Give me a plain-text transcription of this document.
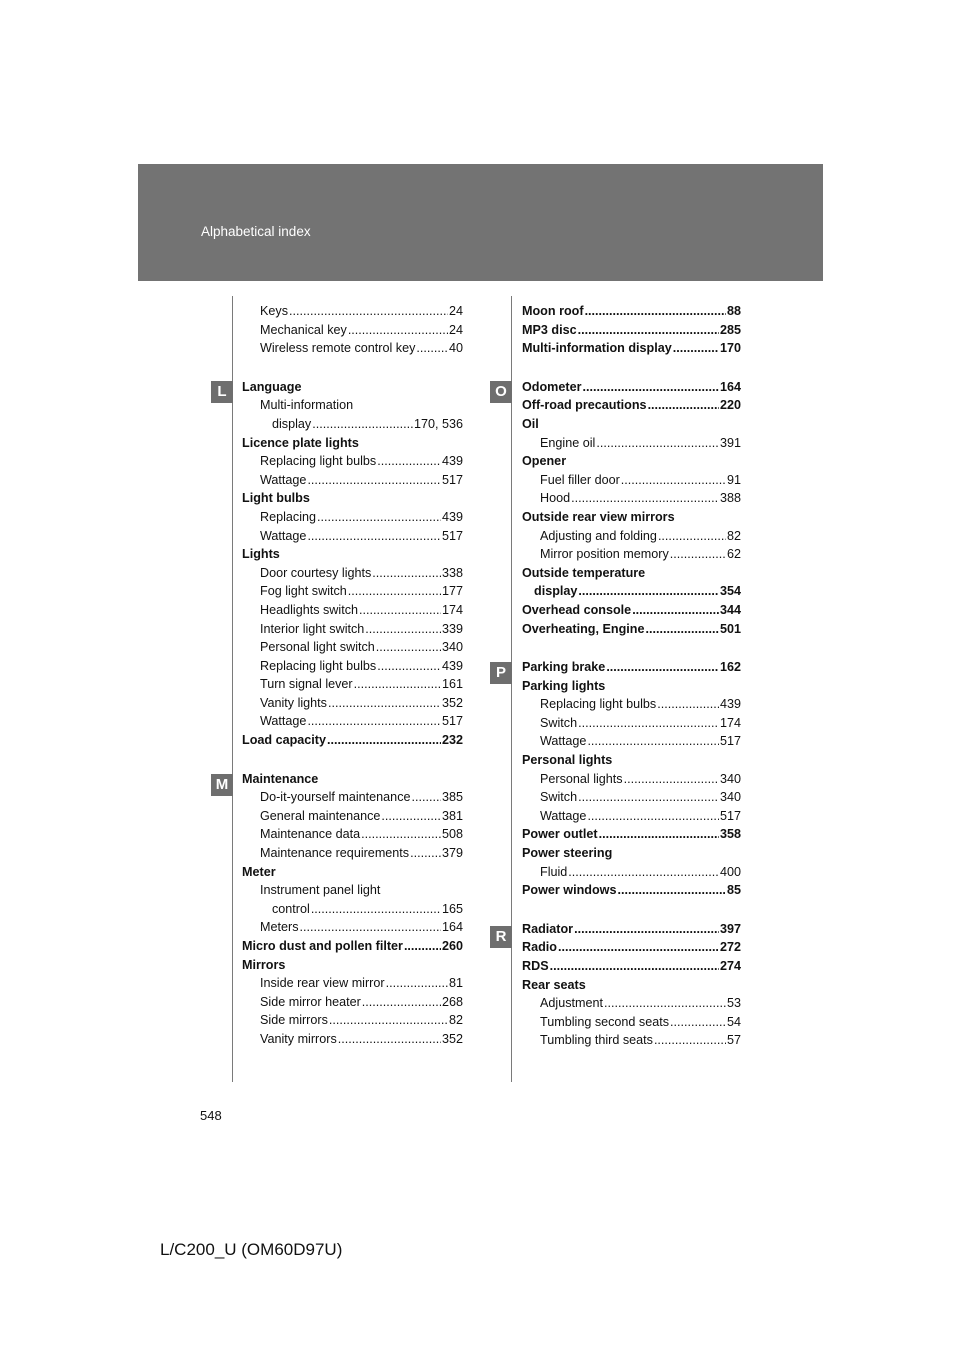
Alphabetical index
L
M
O
P
R
Keys .....	24
Mechanical key .....	24
Wireless remote control key .....	40
Language
Multi-information
display .....	170, 536
Licence plate lights
Replacing light bulbs .....	439
Wattage .....	517
Light bulbs
Replacing .....	439
Wattage .....	517
Lights
Door courtesy lights .....	338
Fog light switch .....	177
Headlights switch .....	174
Interior light switch .....	339
Personal light switch .....	340
Replacing light bulbs .....	439
Turn signal lever .....	161
Vanity lights .....	352
Wattage .....	517
Load capacity .....	232
Maintenance
Do-it-yourself maintenance ..... 385
General maintenance .....	381
Maintenance data .....	508
Maintenance requirements .....	379
Meter
Instrument panel light
control .....	165
Meters .....	164
Micro dust and pollen filter .....	260
Mirrors
Inside rear view mirror .....	81
Side mirror heater .....	268
Side mirrors .....	82
Vanity mirrors .....	352
Moon roof .....	88
MP3 disc .....	285
Multi-information display .....	170
Odometer .....	164
Off-road precautions .....	220
Oil
Engine oil .....	391
Opener
Fuel filler door .....	91
Hood .....	388
Outside rear view mirrors
Adjusting and folding .....	82
Mirror position memory .....	62
Outside temperature
display .....	354
Overhead console .....	344
Overheating, Engine .....	501
Parking brake .....	162
Parking lights
Replacing light bulbs .....	439
Switch .....	174
Wattage .....	517
Personal lights
Personal lights .....	340
Switch .....	340
Wattage .....	517
Power outlet .....	358
Power steering
Fluid .....	400
Power windows .....	85
Radiator .....	397
Radio .....	272
RDS .....	274
Rear seats
Adjustment .....	53
Tumbling second seats .....	54
Tumbling third seats .....	57
548
L/C200_U (OM60D97U)
